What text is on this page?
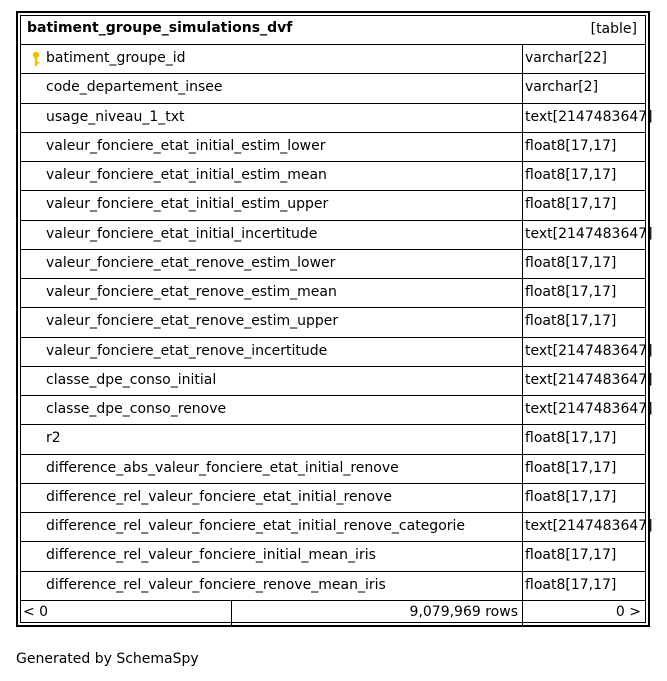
batiment_groupe_simulations_dvf	[table]
batiment_groupe_id	varchar[22]
code_departement_insee	varchar[2]
usage_niveau_1_txt	text[2147483647]
valeur_fonciere_etat_initial_estim_lower	float8[17,17]
valeur_fonciere_etat_initial_estim_mean	float8[17,17]
valeur_fonciere_etat_initial_estim_upper	float8[17,17]
valeur_fonciere_etat_initial_incertitude	text[2147483647]
valeur_fonciere_etat_renove_estim_lower	float8[17,17]
valeur_fonciere_etat_renove_estim_mean	float8[17,17]
valeur_fonciere_etat_renove_estim_upper	float8[17,17]
valeur_fonciere_etat_renove_incertitude	text[2147483647]
classe_dpe_conso_initial	text[2147483647]
classe_dpe_conso_renove	text[2147483647]
r2	float8[17,17]
difference_abs_valeur_fonciere_etat_initial_renove	float8[17,17]
difference_rel_valeur_fonciere_etat_initial_renove	float8[17,17]
difference_rel_valeur_fonciere_etat_initial_renove_categorie	text[2147483647]
difference_rel_valeur_fonciere_initial_mean_iris	float8[17,17]
difference_rel_valeur_fonciere_renove_mean_iris	float8[17,17]
< 0	9,079,969 rows	0 >
Generated by SchemaSpy
